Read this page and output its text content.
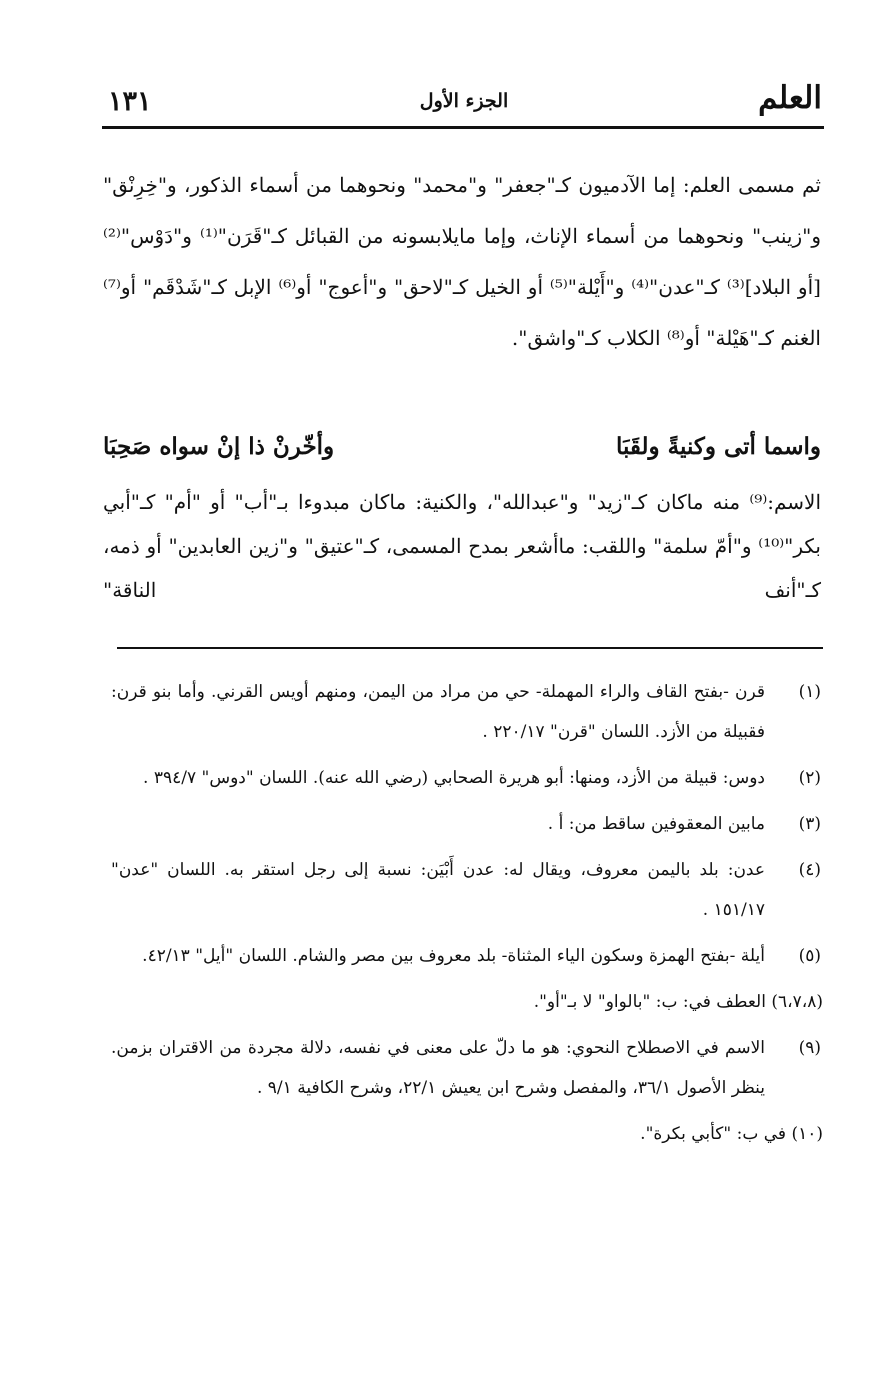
العلم
الجزء الأول
١٣١

ثم مسمى العلم: إما الآدميون كـ"جعفر" و"محمد" ونحوهما من أسماء الذكور، و"خِرِنْق" و"زينب" ونحوهما من أسماء الإناث، وإما مايلابسونه من القبائل كـ"قَرَن"⁽¹⁾ و"دَوْس"⁽²⁾ [أو البلاد]⁽³⁾ كـ"عدن"⁽⁴⁾ و"أَيْلة"⁽⁵⁾ أو الخيل كـ"لاحق" و"أعوج" أو⁽⁶⁾ الإبل كـ"شَدْقَم" أو⁽⁷⁾ الغنم كـ"هَيْلة" أو⁽⁸⁾ الكلاب كـ"واشق".

واسما أتى وكنيةً ولقَبَا
وأخّرنْ ذا إنْ سواه صَحِبَا

الاسم:⁽⁹⁾ منه ماكان كـ"زيد" و"عبدالله"، والكنية: ماكان مبدوءا بـ"أب" أو "أم" كـ"أبي بكر"⁽¹⁰⁾ و"أمّ سلمة" واللقب: ماأشعر بمدح المسمى، كـ"عتيق" و"زين العابدين" أو ذمه، كـ"أنف الناقة"

(١)
قرن -بفتح القاف والراء المهملة- حي من مراد من اليمن، ومنهم أويس القرني. وأما بنو قرن: فقبيلة من الأزد. اللسان "قرن" ٢٢٠/١٧ .
(٢)
دوس: قبيلة من الأزد، ومنها: أبو هريرة الصحابي (رضي الله عنه). اللسان "دوس" ٣٩٤/٧ .
(٣)
مابين المعقوفين ساقط من: أ .
(٤)
عدن: بلد باليمن معروف، ويقال له: عدن أَبْيَن: نسبة إلى رجل استقر به. اللسان "عدن" ١٥١/١٧ .
(٥)
أيلة -بفتح الهمزة وسكون الياء المثناة- بلد معروف بين مصر والشام. اللسان "أيل" ٤٢/١٣.
(٦،٧،٨) العطف في: ب: "بالواو" لا بـ"أو".
(٩)
الاسم في الاصطلاح النحوي: هو ما دلّ على معنى في نفسه، دلالة مجردة من الاقتران بزمن. ينظر الأصول ٣٦/١، والمفصل وشرح ابن يعيش ٢٢/١، وشرح الكافية ٩/١ .
(١٠) في ب: "كأبي بكرة".
